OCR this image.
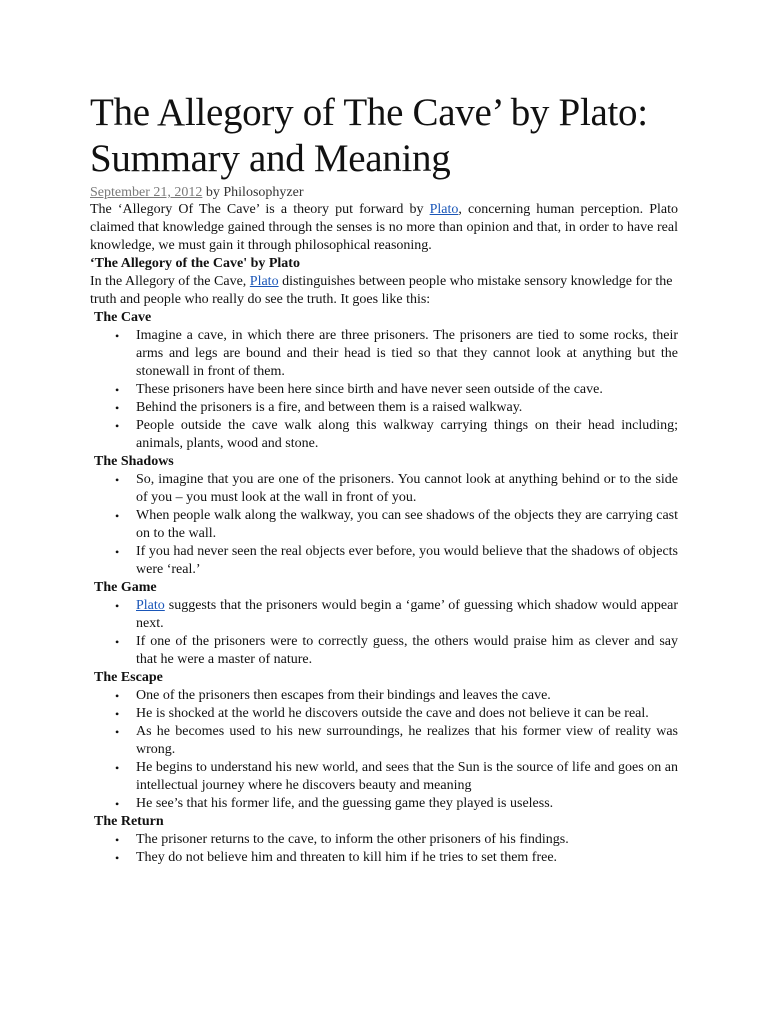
The Allegory of The Cave’ by Plato: Summary and Meaning
September 21, 2012 by Philosophyzer

The ‘Allegory Of The Cave’ is a theory put forward by Plato, concerning human perception. Plato claimed that knowledge gained through the senses is no more than opinion and that, in order to have real knowledge, we must gain it through philosophical reasoning.

‘The Allegory of the Cave' by Plato

In the Allegory of the Cave, Plato distinguishes between people who mistake sensory knowledge for the truth and people who really do see the truth. It goes like this:

The Cave
• Imagine a cave, in which there are three prisoners. The prisoners are tied to some rocks, their arms and legs are bound and their head is tied so that they cannot look at anything but the stonewall in front of them.
• These prisoners have been here since birth and have never seen outside of the cave.
• Behind the prisoners is a fire, and between them is a raised walkway.
• People outside the cave walk along this walkway carrying things on their head including; animals, plants, wood and stone.
The Shadows
• So, imagine that you are one of the prisoners. You cannot look at anything behind or to the side of you – you must look at the wall in front of you.
• When people walk along the walkway, you can see shadows of the objects they are carrying cast on to the wall.
• If you had never seen the real objects ever before, you would believe that the shadows of objects were ‘real.’
The Game
• Plato suggests that the prisoners would begin a ‘game’ of guessing which shadow would appear next.
• If one of the prisoners were to correctly guess, the others would praise him as clever and say that he were a master of nature.
The Escape
• One of the prisoners then escapes from their bindings and leaves the cave.
• He is shocked at the world he discovers outside the cave and does not believe it can be real.
• As he becomes used to his new surroundings, he realizes that his former view of reality was wrong.
• He begins to understand his new world, and sees that the Sun is the source of life and goes on an intellectual journey where he discovers beauty and meaning
• He see’s that his former life, and the guessing game they played is useless.
The Return
• The prisoner returns to the cave, to inform the other prisoners of his findings.
• They do not believe him and threaten to kill him if he tries to set them free.
